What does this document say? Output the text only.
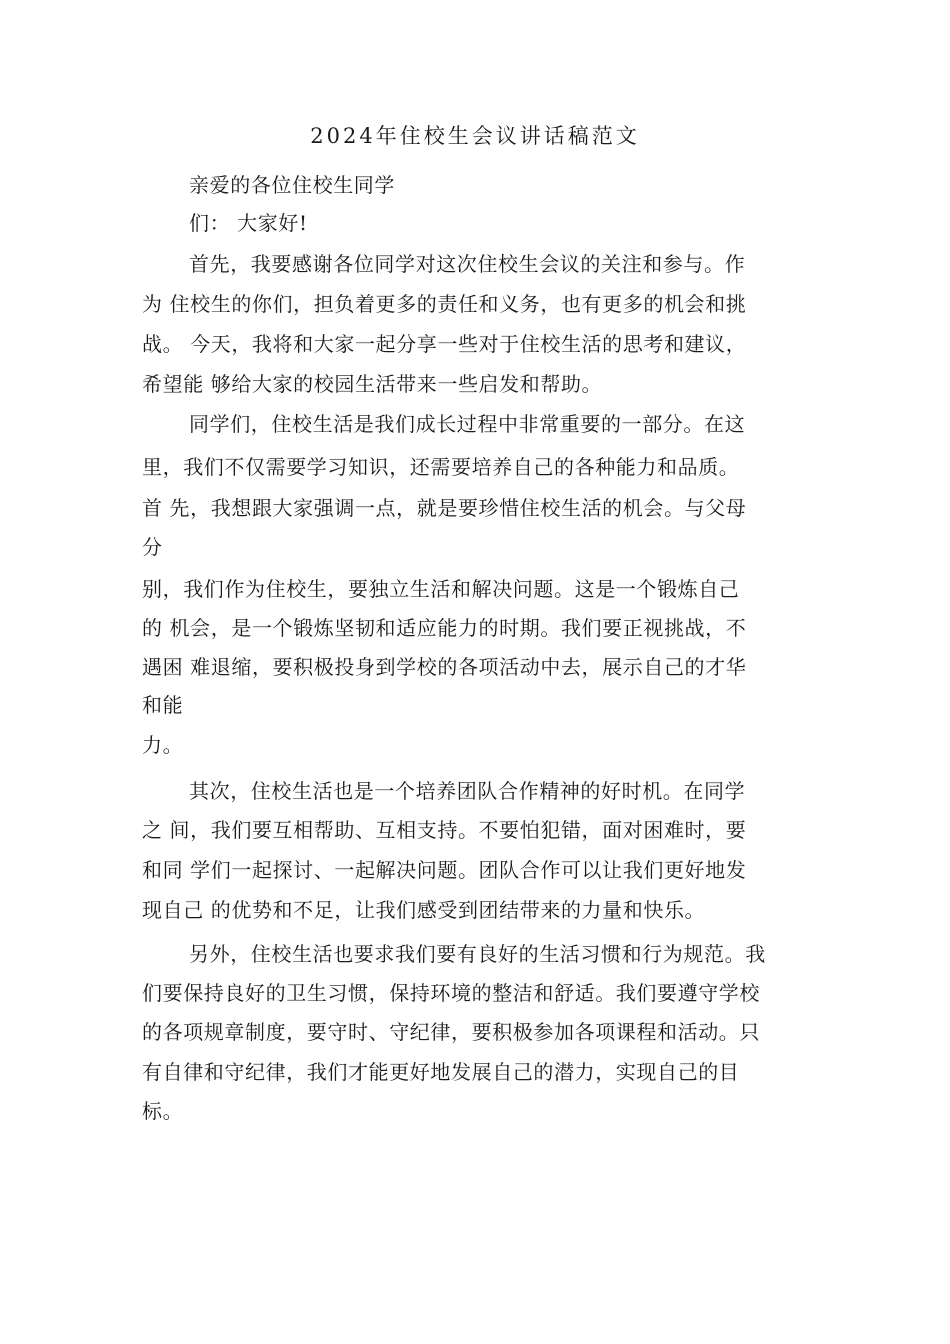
2024年住校生会议讲话稿范文
亲爱的各位住校生同学
们： 大家好!
首先，我要感谢各位同学对这次住校生会议的关注和参与。作
为 住校生的你们，担负着更多的责任和义务，也有更多的机会和挑
战。 今天，我将和大家一起分享一些对于住校生活的思考和建议，
希望能 够给大家的校园生活带来一些启发和帮助。
同学们，住校生活是我们成长过程中非常重要的一部分。在这
里，我们不仅需要学习知识，还需要培养自己的各种能力和品质。
首 先，我想跟大家强调一点，就是要珍惜住校生活的机会。与父母
分
别，我们作为住校生，要独立生活和解决问题。这是一个锻炼自己
的 机会，是一个锻炼坚韧和适应能力的时期。我们要正视挑战，不
遇困 难退缩，要积极投身到学校的各项活动中去，展示自己的才华
和能
力。
其次，住校生活也是一个培养团队合作精神的好时机。在同学
之 间，我们要互相帮助、互相支持。不要怕犯错，面对困难时，要
和同 学们一起探讨、一起解决问题。团队合作可以让我们更好地发
现自己 的优势和不足，让我们感受到团结带来的力量和快乐。
另外，住校生活也要求我们要有良好的生活习惯和行为规范。我
们要保持良好的卫生习惯，保持环境的整洁和舒适。我们要遵守学校
的各项规章制度，要守时、守纪律，要积极参加各项课程和活动。只
有自律和守纪律，我们才能更好地发展自己的潜力，实现自己的目
标。
